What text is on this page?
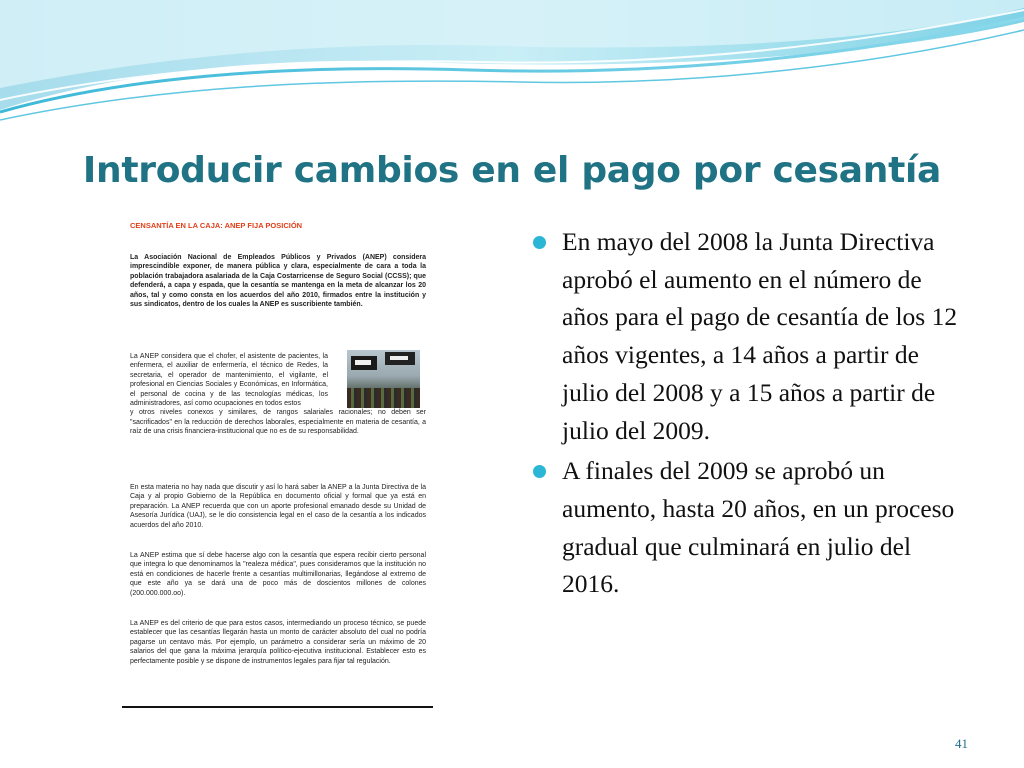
Introducir cambios en el pago por cesantía
CENSANTÍA EN LA CAJA: ANEP FIJA POSICIÓN
La Asociación Nacional de Empleados Públicos y Privados (ANEP) considera imprescindible exponer, de manera pública y clara, especialmente de cara a toda la población trabajadora asalariada de la Caja Costarricense de Seguro Social (CCSS); que defenderá, a capa y espada, que la cesantía se mantenga en la meta de alcanzar los 20 años, tal y como consta en los acuerdos del año 2010, firmados entre la institución y sus sindicatos, dentro de los cuales la ANEP es suscribiente también.
La ANEP considera que el chofer, el asistente de pacientes, la enfermera, el auxiliar de enfermería, el técnico de Redes, la secretaria, el operador de mantenimiento, el vigilante, el profesional en Ciencias Sociales y Económicas, en Informática, el personal de cocina y de las tecnologías médicas, los administradores, así como ocupaciones en todos estos
y otros niveles conexos y similares, de rangos salariales racionales; no deben ser "sacrificados" en la reducción de derechos laborales, especialmente en materia de cesantía, a raíz de una crisis financiera-institucional que no es de su responsabilidad.
En esta materia no hay nada que discutir y así lo hará saber la ANEP a la Junta Directiva de la Caja y al propio Gobierno de la República en documento oficial y formal que ya está en preparación. La ANEP recuerda que con un aporte profesional emanado desde su Unidad de Asesoría Jurídica (UAJ), se le dio consistencia legal en el caso de la cesantía a los indicados acuerdos del año 2010.
La ANEP estima que sí debe hacerse algo con la cesantía que espera recibir cierto personal que integra lo que denominamos la "realeza médica", pues consideramos que la institución no está en condiciones de hacerle frente a cesantías multimillonarias, llegándose al extremo de que este año ya se dará una de poco más de doscientos millones de colones (200.000.000.oo).
La ANEP es del criterio de que para estos casos, intermediando un proceso técnico, se puede establecer que las cesantías llegarán hasta un monto de carácter absoluto del cual no podría pagarse un centavo más. Por ejemplo, un parámetro a considerar sería un máximo de 20 salarios del que gana la máxima jerarquía político-ejecutiva institucional. Establecer esto es perfectamente posible y se dispone de instrumentos legales para fijar tal regulación.
En mayo del 2008 la Junta Directiva aprobó el aumento en el número de años para el pago de cesantía de los 12 años vigentes, a 14 años a partir de julio del 2008 y a 15 años a partir de julio del 2009.
A finales del 2009 se aprobó un aumento, hasta 20 años, en un proceso gradual que culminará en julio del 2016.
41
